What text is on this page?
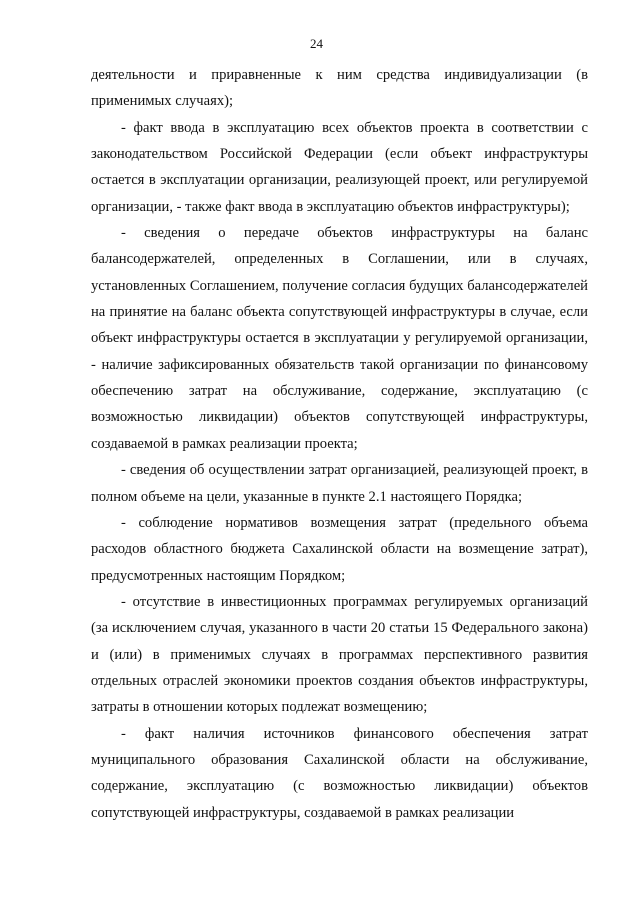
24

деятельности и приравненные к ним средства индивидуализации (в применимых случаях);

- факт ввода в эксплуатацию всех объектов проекта в соответствии с законодательством Российской Федерации (если объект инфраструктуры остается в эксплуатации организации, реализующей проект, или регулируемой организации, - также факт ввода в эксплуатацию объектов инфраструктуры);

- сведения о передаче объектов инфраструктуры на баланс балансодержателей, определенных в Соглашении, или в случаях, установленных Соглашением, получение согласия будущих балансодержателей на принятие на баланс объекта сопутствующей инфраструктуры в случае, если объект инфраструктуры остается в эксплуатации у регулируемой организации, - наличие зафиксированных обязательств такой организации по финансовому обеспечению затрат на обслуживание, содержание, эксплуатацию (с возможностью ликвидации) объектов сопутствующей инфраструктуры, создаваемой в рамках реализации проекта;

- сведения об осуществлении затрат организацией, реализующей проект, в полном объеме на цели, указанные в пункте 2.1 настоящего Порядка;

- соблюдение нормативов возмещения затрат (предельного объема расходов областного бюджета Сахалинской области на возмещение затрат), предусмотренных настоящим Порядком;

- отсутствие в инвестиционных программах регулируемых организаций (за исключением случая, указанного в части 20 статьи 15 Федерального закона) и (или) в применимых случаях в программах перспективного развития отдельных отраслей экономики проектов создания объектов инфраструктуры, затраты в отношении которых подлежат возмещению;

- факт наличия источников финансового обеспечения затрат муниципального образования Сахалинской области на обслуживание, содержание, эксплуатацию (с возможностью ликвидации) объектов сопутствующей инфраструктуры, создаваемой в рамках реализации
